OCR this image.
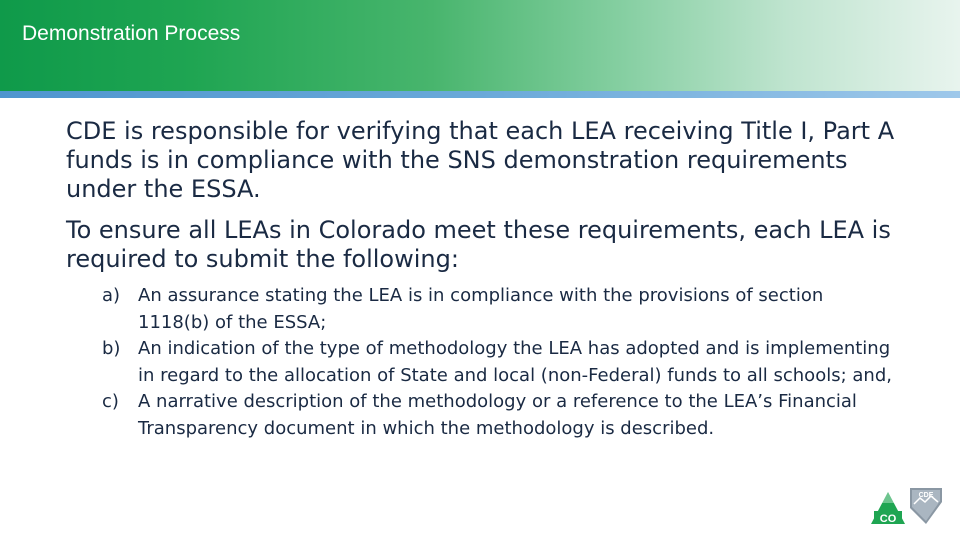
Demonstration Process
CDE is responsible for verifying that each LEA receiving Title I, Part A funds is in compliance with the SNS demonstration requirements under the ESSA.
To ensure all LEAs in Colorado meet these requirements, each LEA is required to submit the following:
a) An assurance stating the LEA is in compliance with the provisions of section 1118(b) of the ESSA;
b) An indication of the type of methodology the LEA has adopted and is implementing in regard to the allocation of State and local (non-Federal) funds to all schools; and,
c) A narrative description of the methodology or a reference to the LEA’s Financial Transparency document in which the methodology is described.
CO
CDE
